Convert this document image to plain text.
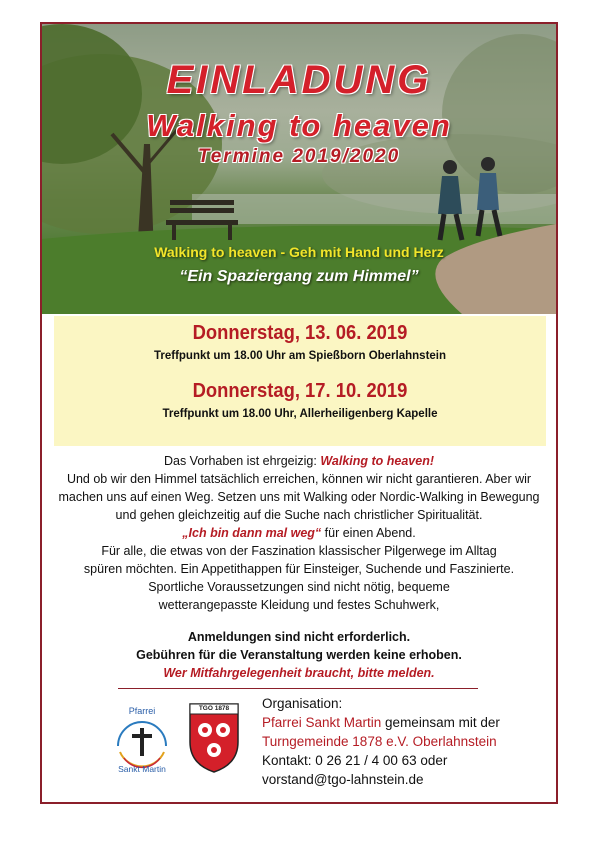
EINLADUNG
Walking to heaven
Termine 2019/2020
Walking to heaven - Geh mit Hand und Herz
“Ein Spaziergang zum Himmel”
Donnerstag, 13. 06. 2019
Treffpunkt um 18.00 Uhr am Spießborn Oberlahnstein
Donnerstag, 17. 10. 2019
Treffpunkt um 18.00 Uhr, Allerheiligenberg Kapelle

Das Vorhaben ist ehrgeizig: Walking to heaven!

Und ob wir den Himmel tatsächlich erreichen, können wir nicht garantieren. Aber wir

machen uns auf einen Weg. Setzen uns mit Walking oder Nordic-Walking in Bewegung

und gehen gleichzeitig auf die Suche nach christlicher Spiritualität.

„Ich bin dann mal weg“ für einen Abend.

Für alle, die etwas von der Faszination klassischer Pilgerwege im Alltag

spüren möchten. Ein Appetithappen für Einsteiger, Suchende und Faszinierte.

Sportliche Voraussetzungen sind nicht nötig, bequeme

wetterangepasste Kleidung und festes Schuhwerk,

Anmeldungen sind nicht erforderlich.

Gebühren für die Veranstaltung werden keine erhoben.

Wer Mitfahrgelegenheit braucht, bitte melden.

Pfarrei
Sankt Martin
TGO 1878	Organisation:
Pfarrei Sankt Martin gemeinsam mit der
Turngemeinde 1878 e.V. Oberlahnstein
Kontakt: 0 26 21 / 4 00 63 oder
vorstand@tgo-lahnstein.de
